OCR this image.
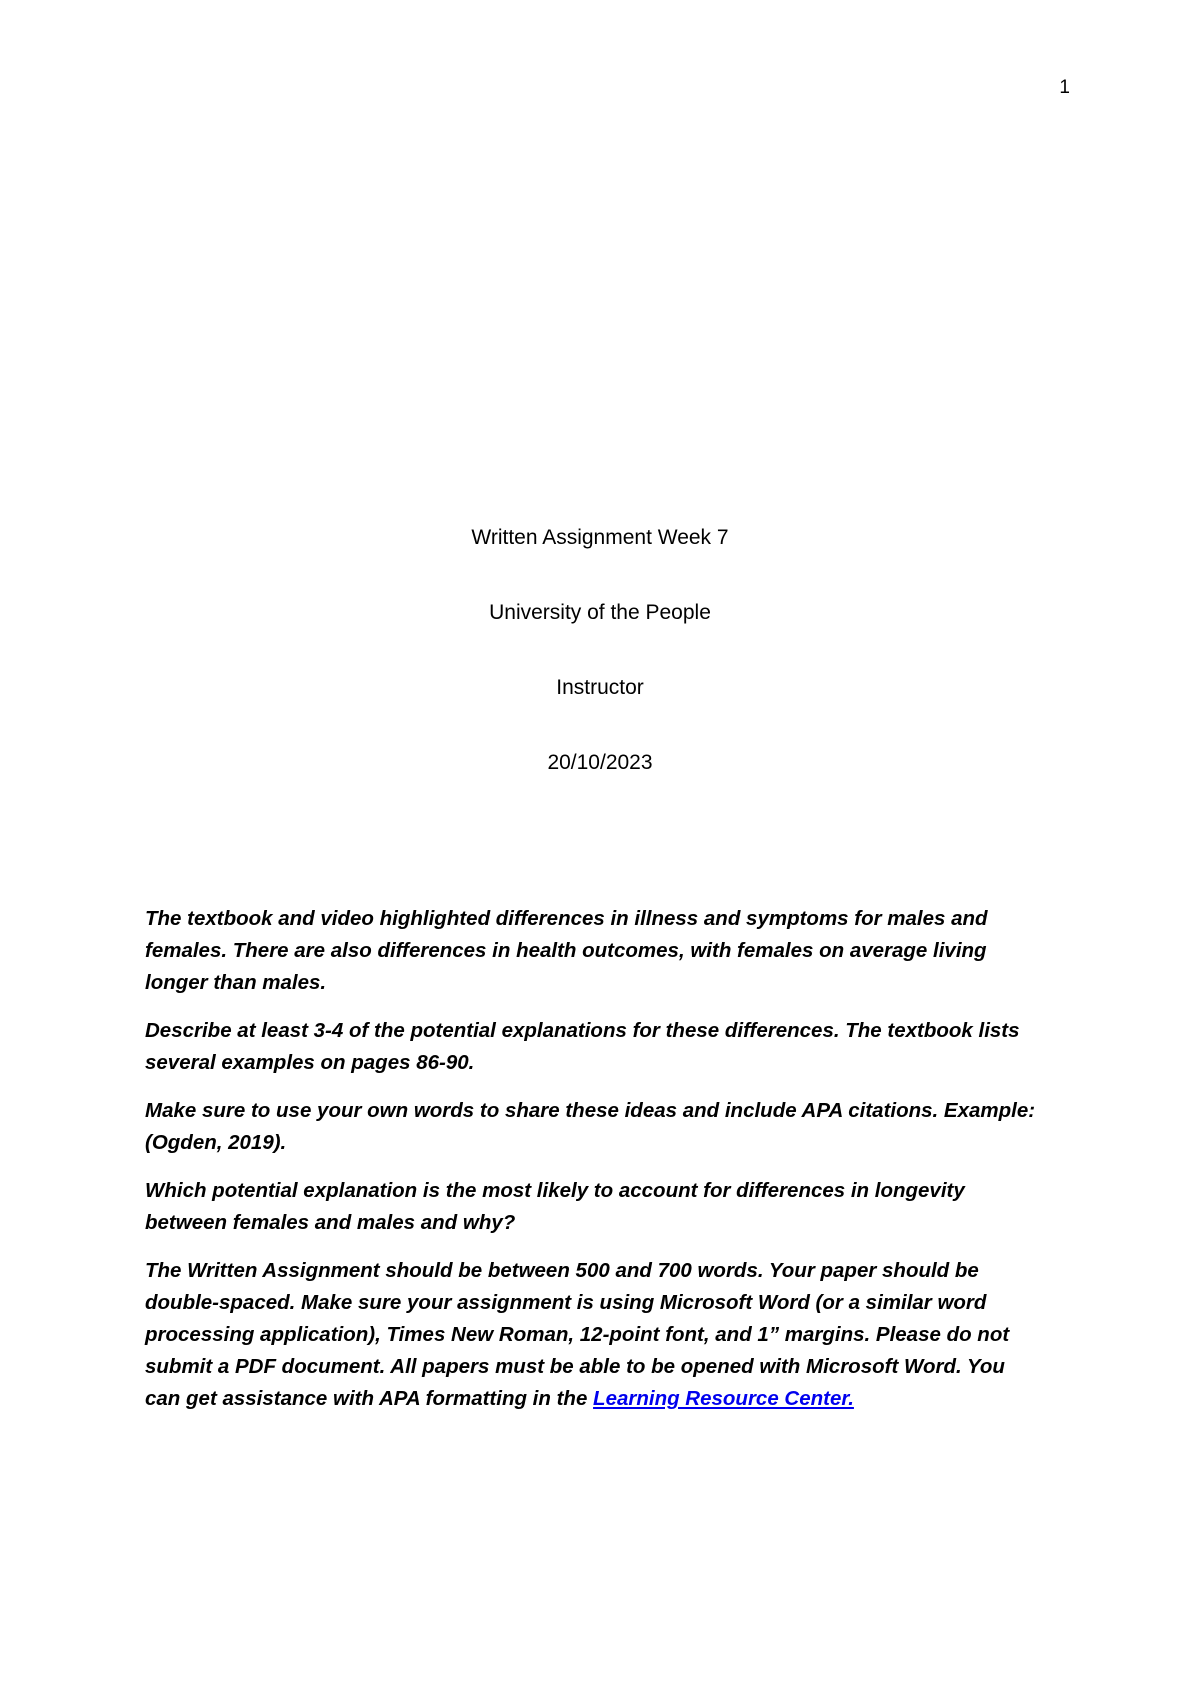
1
Written Assignment Week 7
University of the People
Instructor
20/10/2023

The textbook and video highlighted differences in illness and symptoms for males and
females. There are also differences in health outcomes, with females on average living
longer than males.

Describe at least 3-4 of the potential explanations for these differences. The textbook lists
several examples on pages 86-90.

Make sure to use your own words to share these ideas and include APA citations. Example:
(Ogden, 2019).

Which potential explanation is the most likely to account for differences in longevity
between females and males and why?

The Written Assignment should be between 500 and 700 words. Your paper should be
double-spaced. Make sure your assignment is using Microsoft Word (or a similar word
processing application), Times New Roman, 12-point font, and 1” margins. Please do not
submit a PDF document. All papers must be able to be opened with Microsoft Word. You
can get assistance with APA formatting in the Learning Resource Center.
